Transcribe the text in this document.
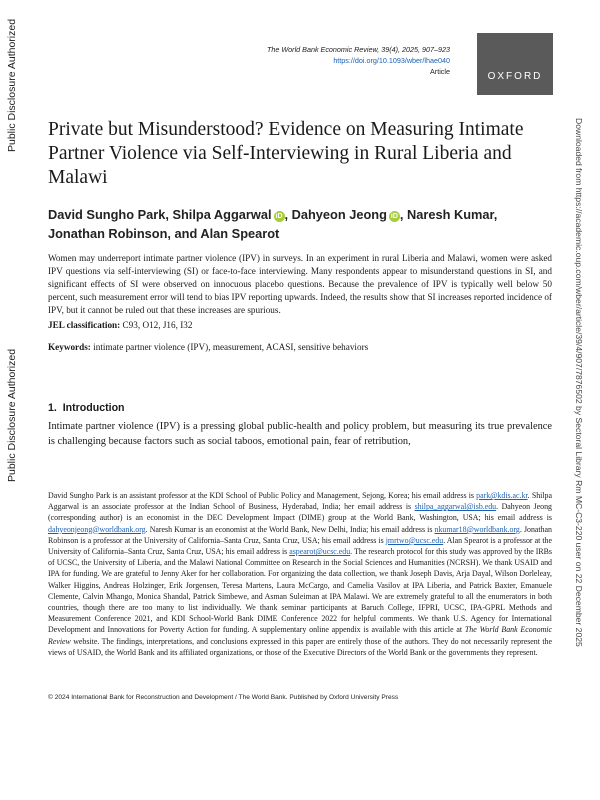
Public Disclosure Authorized
Public Disclosure Authorized	Downloaded from https://academic.oup.com/wber/article/39/4/907/7876502 by Sectoral Library Rm MC-C3-220 user on 22 December 2025
The World Bank Economic Review, 39(4), 2025, 907–923
https://doi.org/10.1093/wber/lhae040
Article	OXFORD
Private but Misunderstood? Evidence on Measuring Intimate Partner Violence via Self-Interviewing in Rural Liberia and Malawi
David Sungho Park, Shilpa Aggarwal iD , Dahyeon Jeong iD , Naresh Kumar,
Jonathan Robinson, and Alan Spearot

Women may underreport intimate partner violence (IPV) in surveys. In an experiment in rural Liberia and Malawi, women were asked IPV questions via self-interviewing (SI) or face-to-face interviewing. Many respondents appear to misunderstand questions in SI, and significant effects of SI were observed on innocuous placebo questions. Because the prevalence of IPV is typically well below 50 percent, such measurement error will tend to bias IPV reporting upwards. Indeed, the results show that SI increases reported incidence of IPV, but it cannot be ruled out that these increases are spurious.

JEL classification: C93, O12, J16, I32
Keywords: intimate partner violence (IPV), measurement, ACASI, sensitive behaviors
1. Introduction

Intimate partner violence (IPV) is a pressing global public-health and policy problem, but measuring its true prevalence is challenging because factors such as social taboos, emotional pain, fear of retribution,

David Sungho Park is an assistant professor at the KDI School of Public Policy and Management, Sejong, Korea; his email address is park@kdis.ac.kr. Shilpa Aggarwal is an associate professor at the Indian School of Business, Hyderabad, India; her email address is shilpa_aggarwal@isb.edu. Dahyeon Jeong (corresponding author) is an economist in the DEC Development Impact (DIME) group at the World Bank, Washington, USA; his email address is dahyeonjeong@worldbank.org. Naresh Kumar is an economist at the World Bank, New Delhi, India; his email address is nkumar18@worldbank.org. Jonathan Robinson is a professor at the University of California–Santa Cruz, Santa Cruz, USA; his email address is jmrtwo@ucsc.edu. Alan Spearot is a professor at the University of California–Santa Cruz, Santa Cruz, USA; his email address is aspearot@ucsc.edu. The research protocol for this study was approved by the IRBs of UCSC, the University of Liberia, and the Malawi National Committee on Research in the Social Sciences and Humanities (NCRSH). We thank USAID and IPA for funding. We are grateful to Jenny Aker for her collaboration. For organizing the data collection, we thank Joseph Davis, Arja Dayal, Wilson Dorleleay, Walker Higgins, Andreas Holzinger, Erik Jorgensen, Teresa Martens, Laura McCargo, and Camelia Vasilov at IPA Liberia, and Patrick Baxter, Emanuele Clemente, Calvin Mhango, Monica Shandal, Patrick Simbewe, and Asman Suleiman at IPA Malawi. We are extremely grateful to all the enumerators in both countries, though there are too many to list individually. We thank seminar participants at Baruch College, IFPRI, UCSC, IPA-GPRL Methods and Measurement Conference 2021, and KDI School-World Bank DIME Conference 2022 for helpful comments. We thank U.S. Agency for International Development and Innovations for Poverty Action for funding. A supplementary online appendix is available with this article at The World Bank Economic Review website. The findings, interpretations, and conclusions expressed in this paper are entirely those of the authors. They do not necessarily represent the views of USAID, the World Bank and its affiliated organizations, or those of the Executive Directors of the World Bank or the governments they represent.

© 2024 International Bank for Reconstruction and Development / The World Bank. Published by Oxford University Press
